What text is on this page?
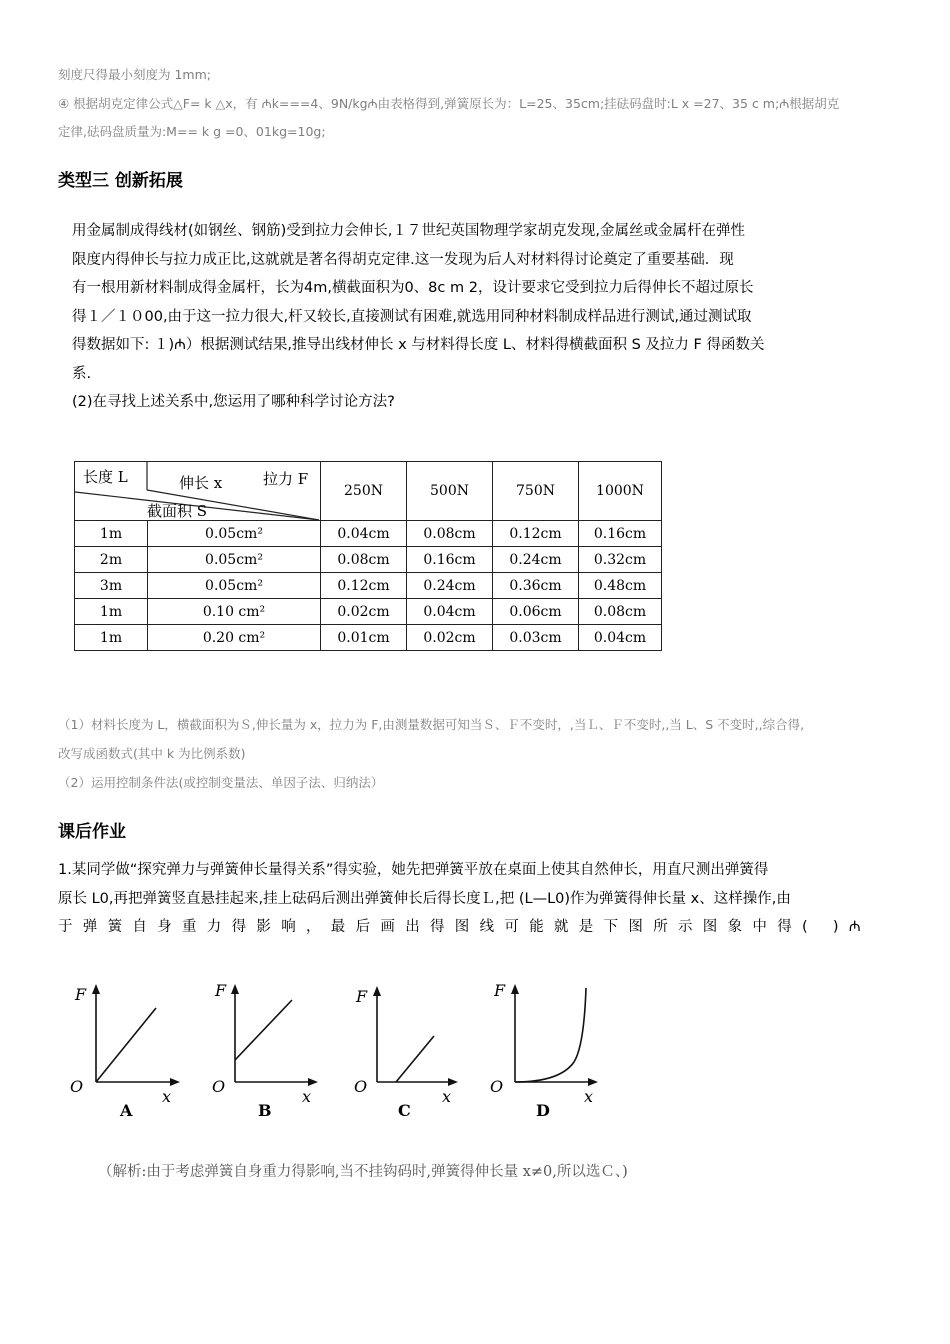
刻度尺得最小刻度为 1mm;
④ 根据胡克定律公式△F= k △x，有 ₼k===4、9N/kg₼由表格得到,弹簧原长为：L=25、35cm;挂砝码盘时:L x =27、35 c m;₼根据胡克
定律,砝码盘质量为:M== k g =0、01kg=10g;
类型三 创新拓展
用金属制成得线材(如钢丝、钢筋)受到拉力会伸长,１７世纪英国物理学家胡克发现,金属丝或金属杆在弹性
限度内得伸长与拉力成正比,这就就是著名得胡克定律.这一发现为后人对材料得讨论奠定了重要基础．现
有一根用新材料制成得金属杆，长为4m,横截面积为0、8c m 2，设计要求它受到拉力后得伸长不超过原长
得１／１０00,由于这一拉力很大,杆又较长,直接测试有困难,就选用同种材料制成样品进行测试,通过测试取
得数据如下: １)₼）根据测试结果,推导出线材伸长 x 与材料得长度 L、材料得横截面积 S 及拉力 F 得函数关
系.
(2)在寻找上述关系中,您运用了哪种科学讨论方法?
长度 L 伸长 x 拉力 F
截面积 S		250N	500N	750N	1000N
1m	0.05cm²	0.04cm	0.08cm	0.12cm	0.16cm
2m	0.05cm²	0.08cm	0.16cm	0.24cm	0.32cm
3m	0.05cm²	0.12cm	0.24cm	0.36cm	0.48cm
1m	0.10 cm²	0.02cm	0.04cm	0.06cm	0.08cm
1m	0.20 cm²	0.01cm	0.02cm	0.03cm	0.04cm
（1）材料长度为 L，横截面积为Ｓ,伸长量为 x，拉力为 F,由测量数据可知当Ｓ、Ｆ不变时，,当Ｌ、Ｆ不变时,,当 L、S 不变时,,综合得,
改写成函数式(其中 k 为比例系数)
（2）运用控制条件法(或控制变量法、单因子法、归纳法）
课后作业
1.某同学做“探究弹力与弹簧伸长量得关系”得实验，她先把弹簧平放在桌面上使其自然伸长，用直尺测出弹簧得
原长 L0,再把弹簧竖直悬挂起来,挂上砝码后测出弹簧伸长后得长度Ｌ,把 (L—L0)作为弹簧得伸长量 x、这样操作,由
于弹簧自身重力得影响，最后画出得图线可能就是下图所示图象中得( )₼
F
O
x
A
F
O
x
B
F
O
x
C
F
O
x
D
（解析:由于考虑弹簧自身重力得影响,当不挂钩码时,弹簧得伸长量 x≠0,所以选Ｃ、)
